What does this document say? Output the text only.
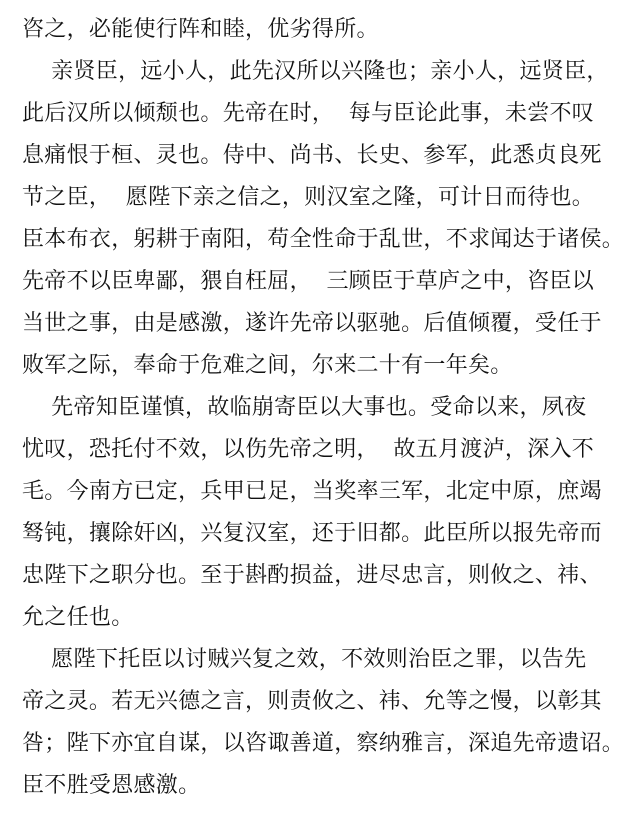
咨之，必能使行阵和睦，优劣得所。
亲贤臣，远小人，此先汉所以兴隆也；亲小人，远贤臣，
此后汉所以倾颓也。先帝在时，  每与臣论此事，未尝不叹
息痛恨于桓、灵也。侍中、尚书、长史、参军，此悉贞良死
节之臣，  愿陛下亲之信之，则汉室之隆，可计日而待也。
臣本布衣，躬耕于南阳，苟全性命于乱世，不求闻达于诸侯。
先帝不以臣卑鄙，猥自枉屈，  三顾臣于草庐之中，咨臣以
当世之事，由是感激，遂许先帝以驱驰。后值倾覆，受任于
败军之际，奉命于危难之间，尔来二十有一年矣。
先帝知臣谨慎，故临崩寄臣以大事也。受命以来，夙夜
忧叹，恐托付不效，以伤先帝之明，  故五月渡泸，深入不
毛。今南方已定，兵甲已足，当奖率三军，北定中原，庶竭
驽钝，攘除奸凶，兴复汉室，还于旧都。此臣所以报先帝而
忠陛下之职分也。至于斟酌损益，进尽忠言，则攸之、祎、
允之任也。
愿陛下托臣以讨贼兴复之效，不效则治臣之罪，以告先
帝之灵。若无兴德之言，则责攸之、祎、允等之慢，以彰其
咎；陛下亦宜自谋，以咨诹善道，察纳雅言，深追先帝遗诏。
臣不胜受恩感激。
